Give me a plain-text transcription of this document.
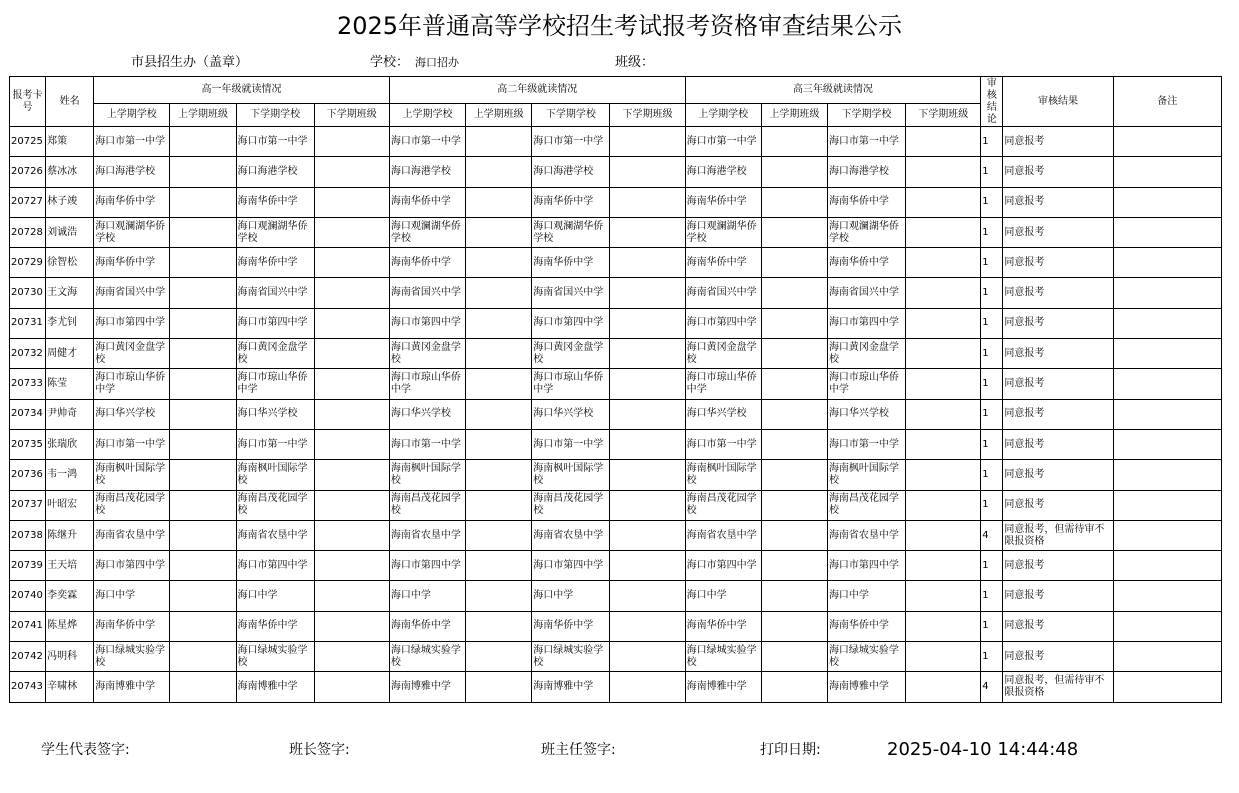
2025年普通高等学校招生考试报考资格审查结果公示
市县招生办（盖章）	学校： 海口招办	班级：
报考卡号	姓名	高一年级就读情况				高二年级就读情况				高三年级就读情况				审核结论	审核结果	备注
		上学期学校	上学期班级	下学期学校	下学期班级	上学期学校	上学期班级	下学期学校	下学期班级	上学期学校	上学期班级	下学期学校	下学期班级			
20725	郑策	海口市第一中学		海口市第一中学		海口市第一中学		海口市第一中学		海口市第一中学		海口市第一中学		1	同意报考	
20726	蔡冰冰	海口海港学校		海口海港学校		海口海港学校		海口海港学校		海口海港学校		海口海港学校		1	同意报考	
20727	林子竣	海南华侨中学		海南华侨中学		海南华侨中学		海南华侨中学		海南华侨中学		海南华侨中学		1	同意报考	
20728	刘诚浩	海口观澜湖华侨学校		海口观澜湖华侨学校		海口观澜湖华侨学校		海口观澜湖华侨学校		海口观澜湖华侨学校		海口观澜湖华侨学校		1	同意报考	
20729	徐智松	海南华侨中学		海南华侨中学		海南华侨中学		海南华侨中学		海南华侨中学		海南华侨中学		1	同意报考	
20730	王文海	海南省国兴中学		海南省国兴中学		海南省国兴中学		海南省国兴中学		海南省国兴中学		海南省国兴中学		1	同意报考	
20731	李尤钊	海口市第四中学		海口市第四中学		海口市第四中学		海口市第四中学		海口市第四中学		海口市第四中学		1	同意报考	
20732	周健才	海口黄冈金盘学校		海口黄冈金盘学校		海口黄冈金盘学校		海口黄冈金盘学校		海口黄冈金盘学校		海口黄冈金盘学校		1	同意报考	
20733	陈莹	海口市琼山华侨中学		海口市琼山华侨中学		海口市琼山华侨中学		海口市琼山华侨中学		海口市琼山华侨中学		海口市琼山华侨中学		1	同意报考	
20734	尹帅奇	海口华兴学校		海口华兴学校		海口华兴学校		海口华兴学校		海口华兴学校		海口华兴学校		1	同意报考	
20735	张瑞欣	海口市第一中学		海口市第一中学		海口市第一中学		海口市第一中学		海口市第一中学		海口市第一中学		1	同意报考	
20736	韦一鸿	海南枫叶国际学校		海南枫叶国际学校		海南枫叶国际学校		海南枫叶国际学校		海南枫叶国际学校		海南枫叶国际学校		1	同意报考	
20737	叶昭宏	海南昌茂花园学校		海南昌茂花园学校		海南昌茂花园学校		海南昌茂花园学校		海南昌茂花园学校		海南昌茂花园学校		1	同意报考	
20738	陈继升	海南省农垦中学		海南省农垦中学		海南省农垦中学		海南省农垦中学		海南省农垦中学		海南省农垦中学		4	同意报考，但需待审不限报资格	
20739	王天培	海口市第四中学		海口市第四中学		海口市第四中学		海口市第四中学		海口市第四中学		海口市第四中学		1	同意报考	
20740	李奕霖	海口中学		海口中学		海口中学		海口中学		海口中学		海口中学		1	同意报考	
20741	陈星烨	海南华侨中学		海南华侨中学		海南华侨中学		海南华侨中学		海南华侨中学		海南华侨中学		1	同意报考	
20742	冯明科	海口绿城实验学校		海口绿城实验学校		海口绿城实验学校		海口绿城实验学校		海口绿城实验学校		海口绿城实验学校		1	同意报考	
20743	辛啸林	海南博雅中学		海南博雅中学		海南博雅中学		海南博雅中学		海南博雅中学		海南博雅中学		4	同意报考，但需待审不限报资格	
学生代表签字:	班长签字:	班主任签字:	打印日期:	2025-04-10 14:44:48
